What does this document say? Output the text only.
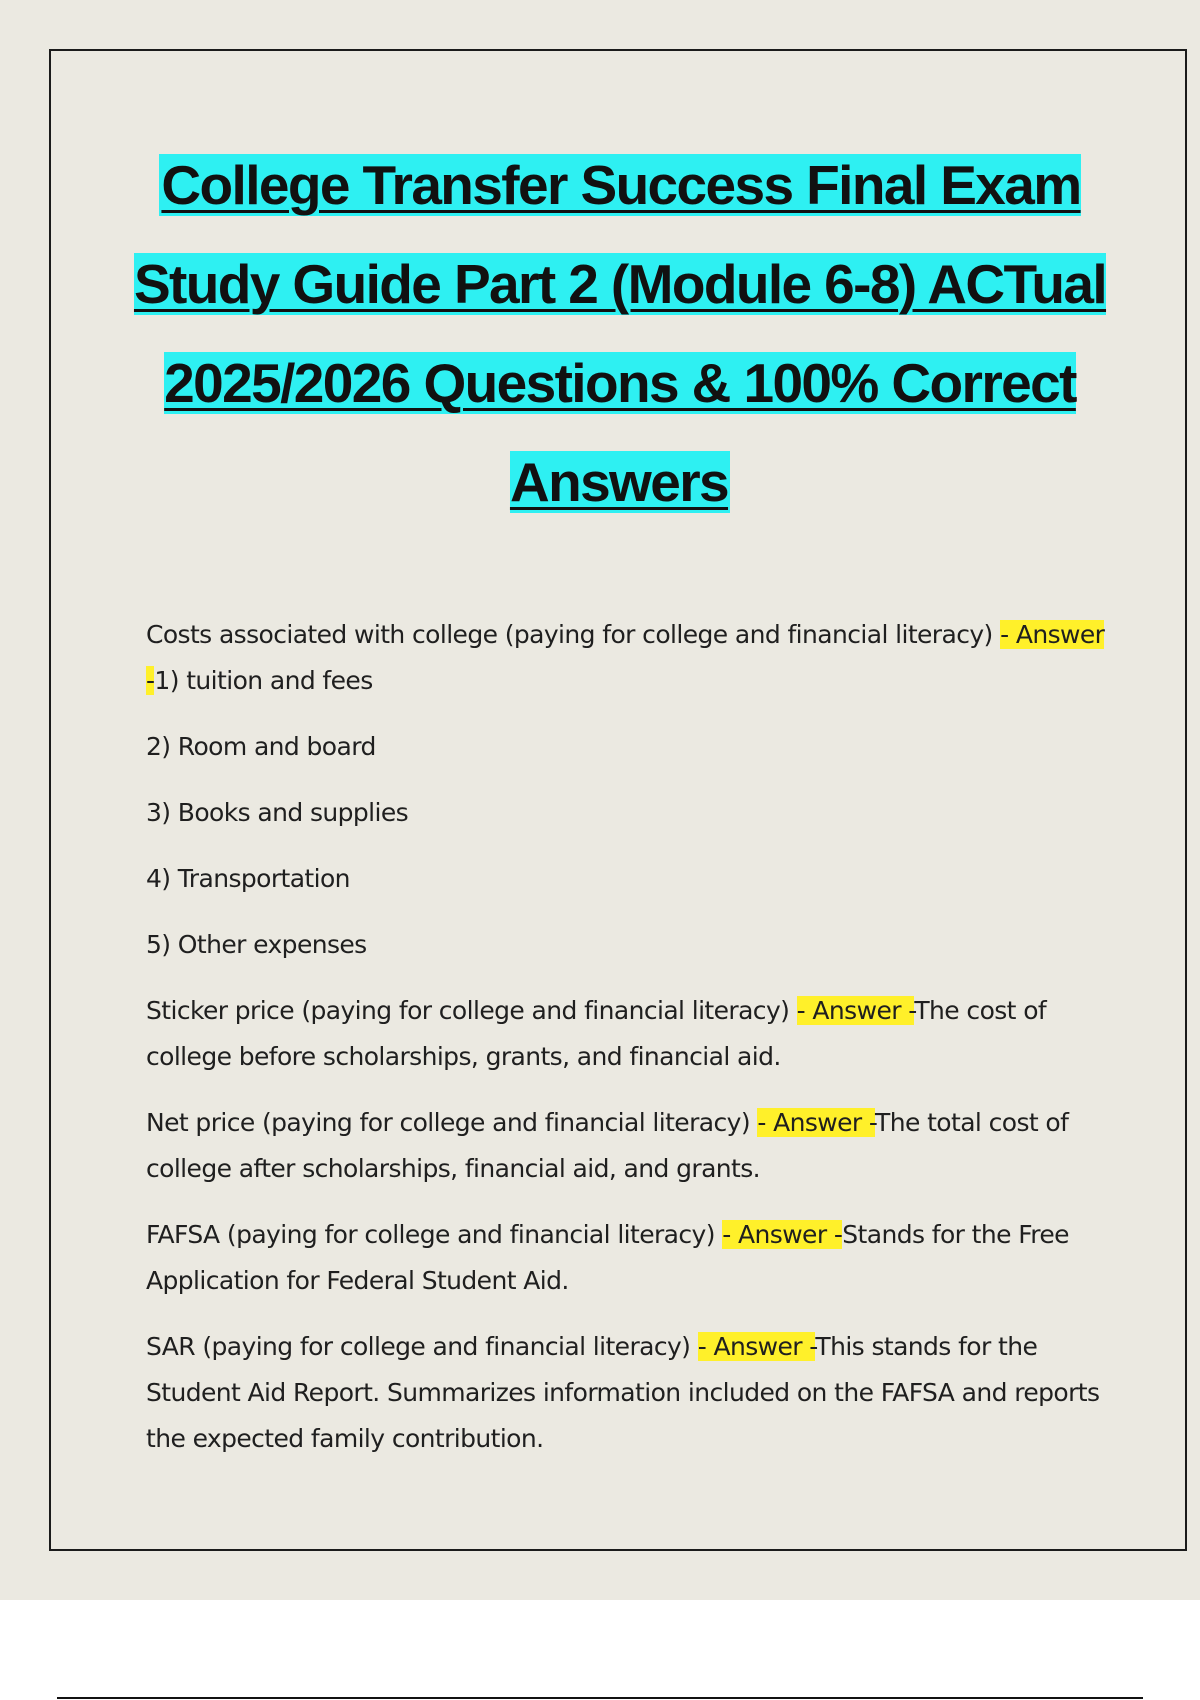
College Transfer Success Final Exam Study Guide Part 2 (Module 6-8) ACTual 2025/2026 Questions & 100% Correct Answers

Costs associated with college (paying for college and financial literacy) - Answer -1) tuition and fees

2) Room and board

3) Books and supplies

4) Transportation

5) Other expenses

Sticker price (paying for college and financial literacy) - Answer -The cost of college before scholarships, grants, and financial aid.

Net price (paying for college and financial literacy) - Answer -The total cost of college after scholarships, financial aid, and grants.

FAFSA (paying for college and financial literacy) - Answer -Stands for the Free Application for Federal Student Aid.

SAR (paying for college and financial literacy) - Answer -This stands for the Student Aid Report. Summarizes information included on the FAFSA and reports the expected family contribution.
